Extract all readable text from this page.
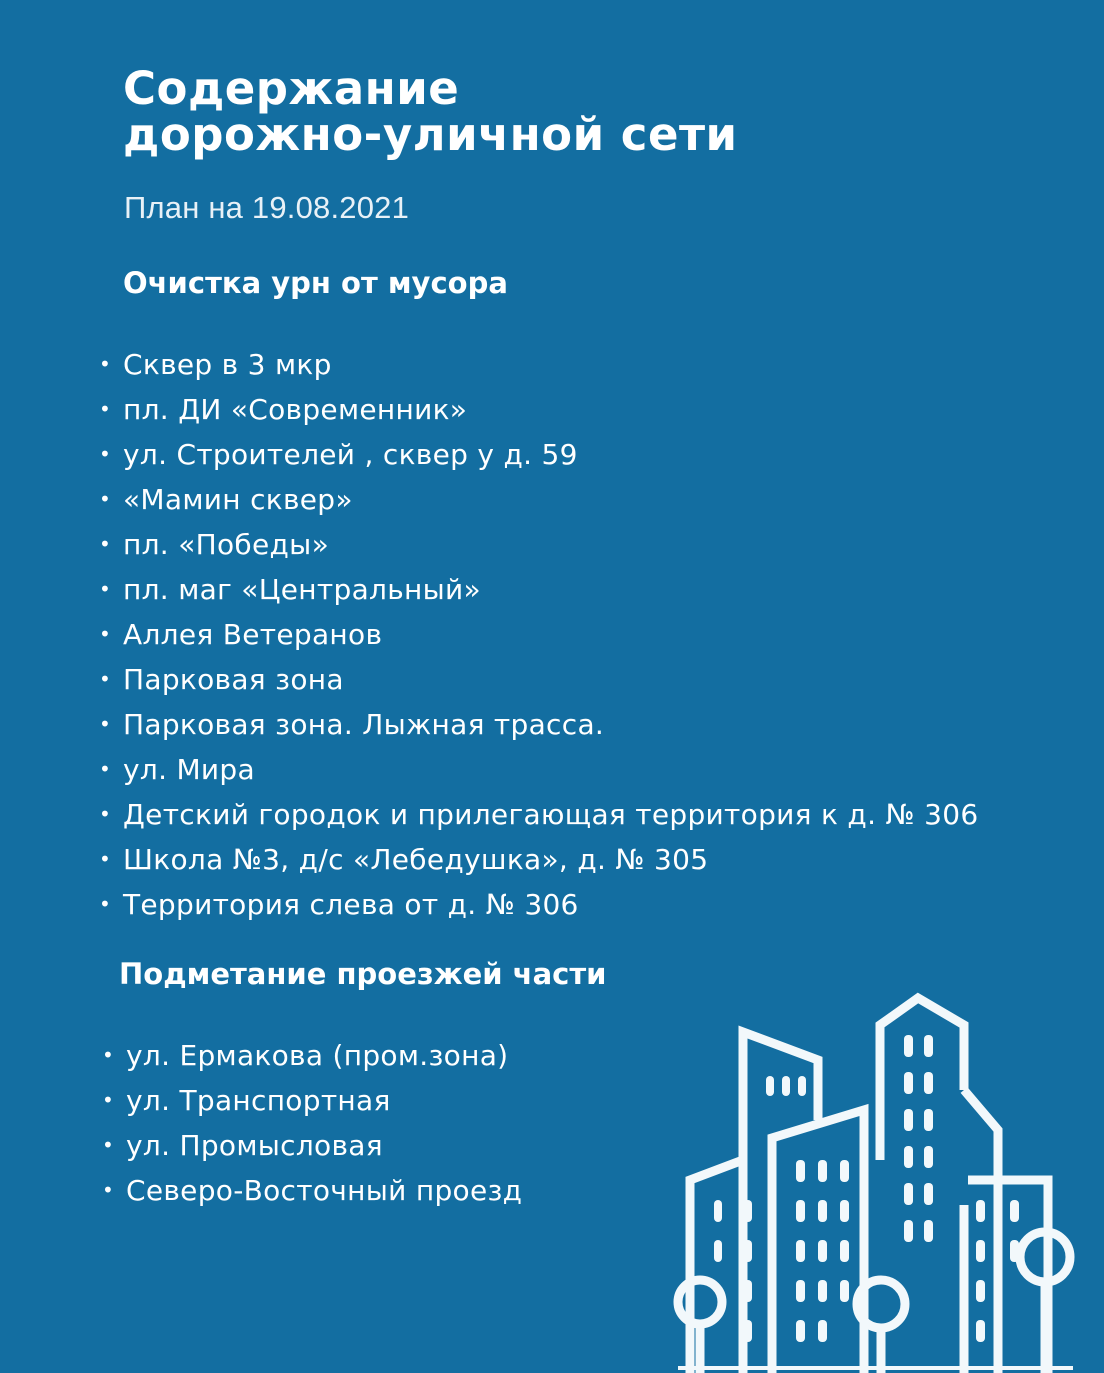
Содержание
дорожно-уличной сети
План на 19.08.2021
Очистка урн от мусора
• Сквер в 3 мкр
• пл. ДИ «Современник»
• ул. Строителей , сквер у д. 59
• «Мамин сквер»
• пл. «Победы»
• пл. маг «Центральный»
• Аллея Ветеранов
• Парковая зона
• Парковая зона. Лыжная трасса.
• ул. Мира
• Детский городок и прилегающая территория к д. № 306
• Школа №3, д/с «Лебедушка», д. № 305
• Территория слева от д. № 306
Подметание проезжей части
• ул. Ермакова (пром.зона)
• ул. Транспортная
• ул. Промысловая
• Северо-Восточный проезд
